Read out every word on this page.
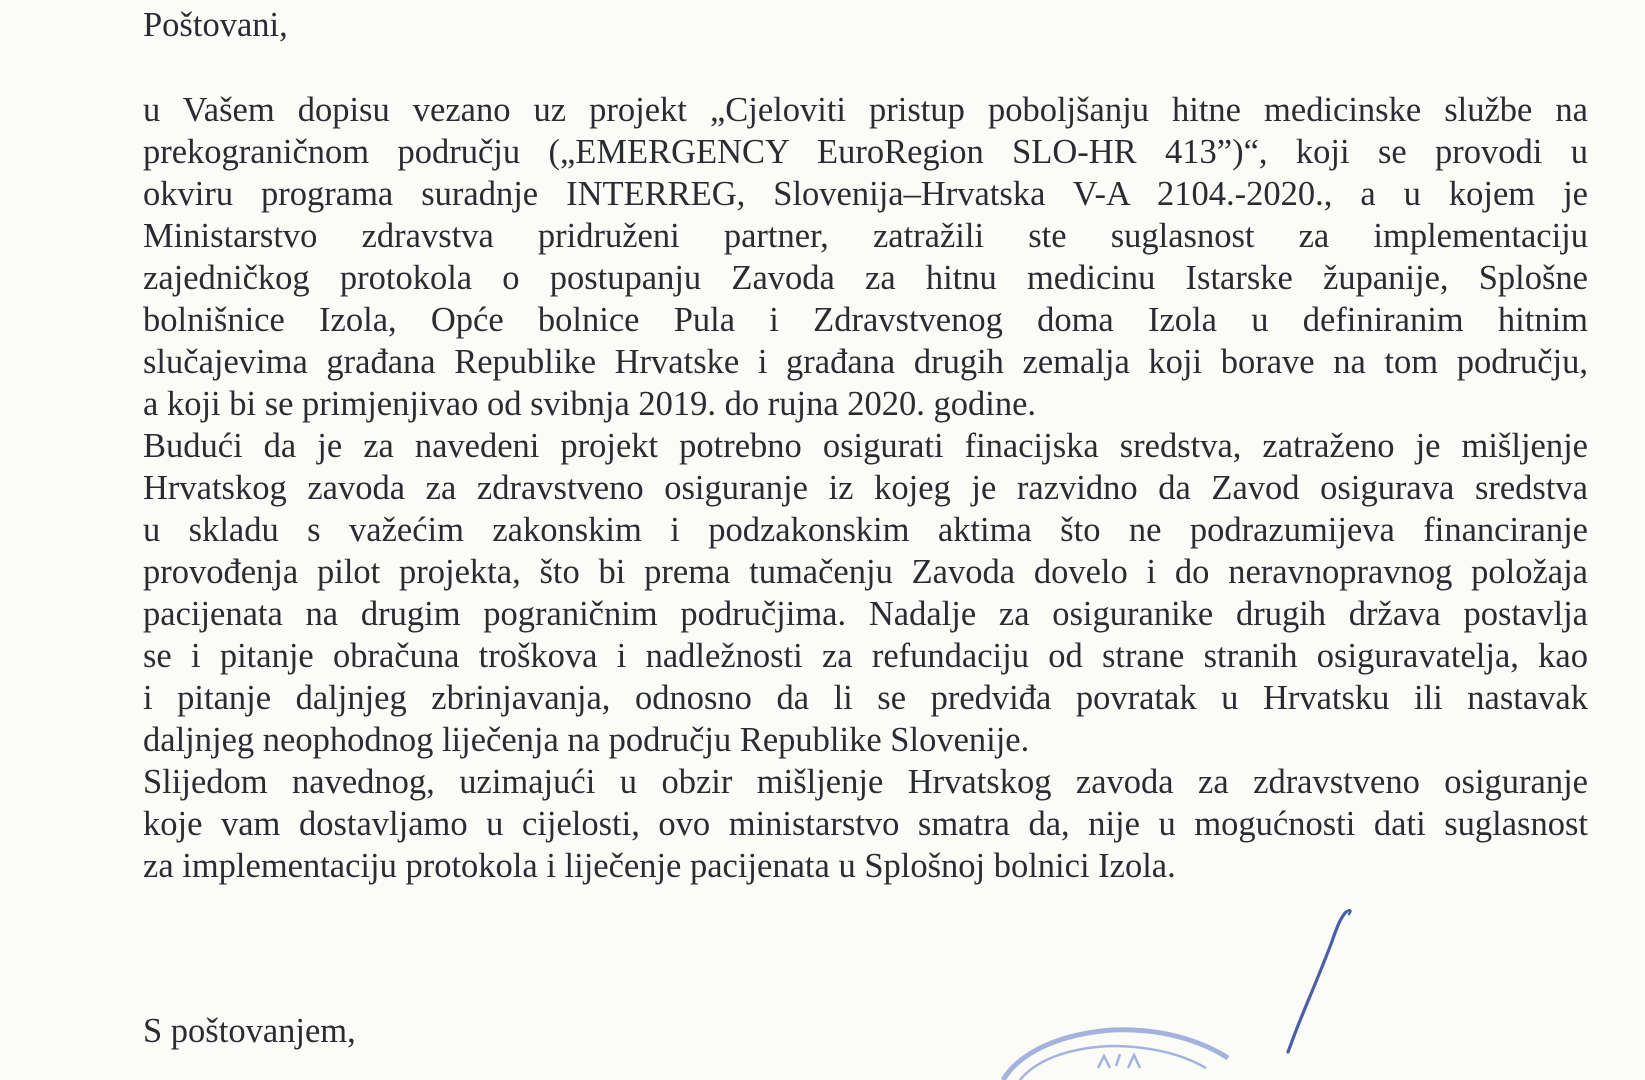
Poštovani,
u Vašem dopisu vezano uz projekt „Cjeloviti pristup poboljšanju hitne medicinske službe na
prekograničnom području („EMERGENCY EuroRegion SLO-HR 413”)“, koji se provodi u
okviru programa suradnje INTERREG, Slovenija–Hrvatska V-A 2104.-2020., a u kojem je
Ministarstvo zdravstva pridruženi partner, zatražili ste suglasnost za implementaciju
zajedničkog protokola o postupanju Zavoda za hitnu medicinu Istarske županije, Splošne
bolnišnice Izola, Opće bolnice Pula i Zdravstvenog doma Izola u definiranim hitnim
slučajevima građana Republike Hrvatske i građana drugih zemalja koji borave na tom području,
a koji bi se primjenjivao od svibnja 2019. do rujna 2020. godine.
Budući da je za navedeni projekt potrebno osigurati finacijska sredstva, zatraženo je mišljenje
Hrvatskog zavoda za zdravstveno osiguranje iz kojeg je razvidno da Zavod osigurava sredstva
u skladu s važećim zakonskim i podzakonskim aktima što ne podrazumijeva financiranje
provođenja pilot projekta, što bi prema tumačenju Zavoda dovelo i do neravnopravnog položaja
pacijenata na drugim pograničnim područjima. Nadalje za osiguranike drugih država postavlja
se i pitanje obračuna troškova i nadležnosti za refundaciju od strane stranih osiguravatelja, kao
i pitanje daljnjeg zbrinjavanja, odnosno da li se predviđa povratak u Hrvatsku ili nastavak
daljnjeg neophodnog liječenja na području Republike Slovenije.
Slijedom navednog, uzimajući u obzir mišljenje Hrvatskog zavoda za zdravstveno osiguranje
koje vam dostavljamo u cijelosti, ovo ministarstvo smatra da, nije u mogućnosti dati suglasnost
za implementaciju protokola i liječenje pacijenata u Splošnoj bolnici Izola.
S poštovanjem,
